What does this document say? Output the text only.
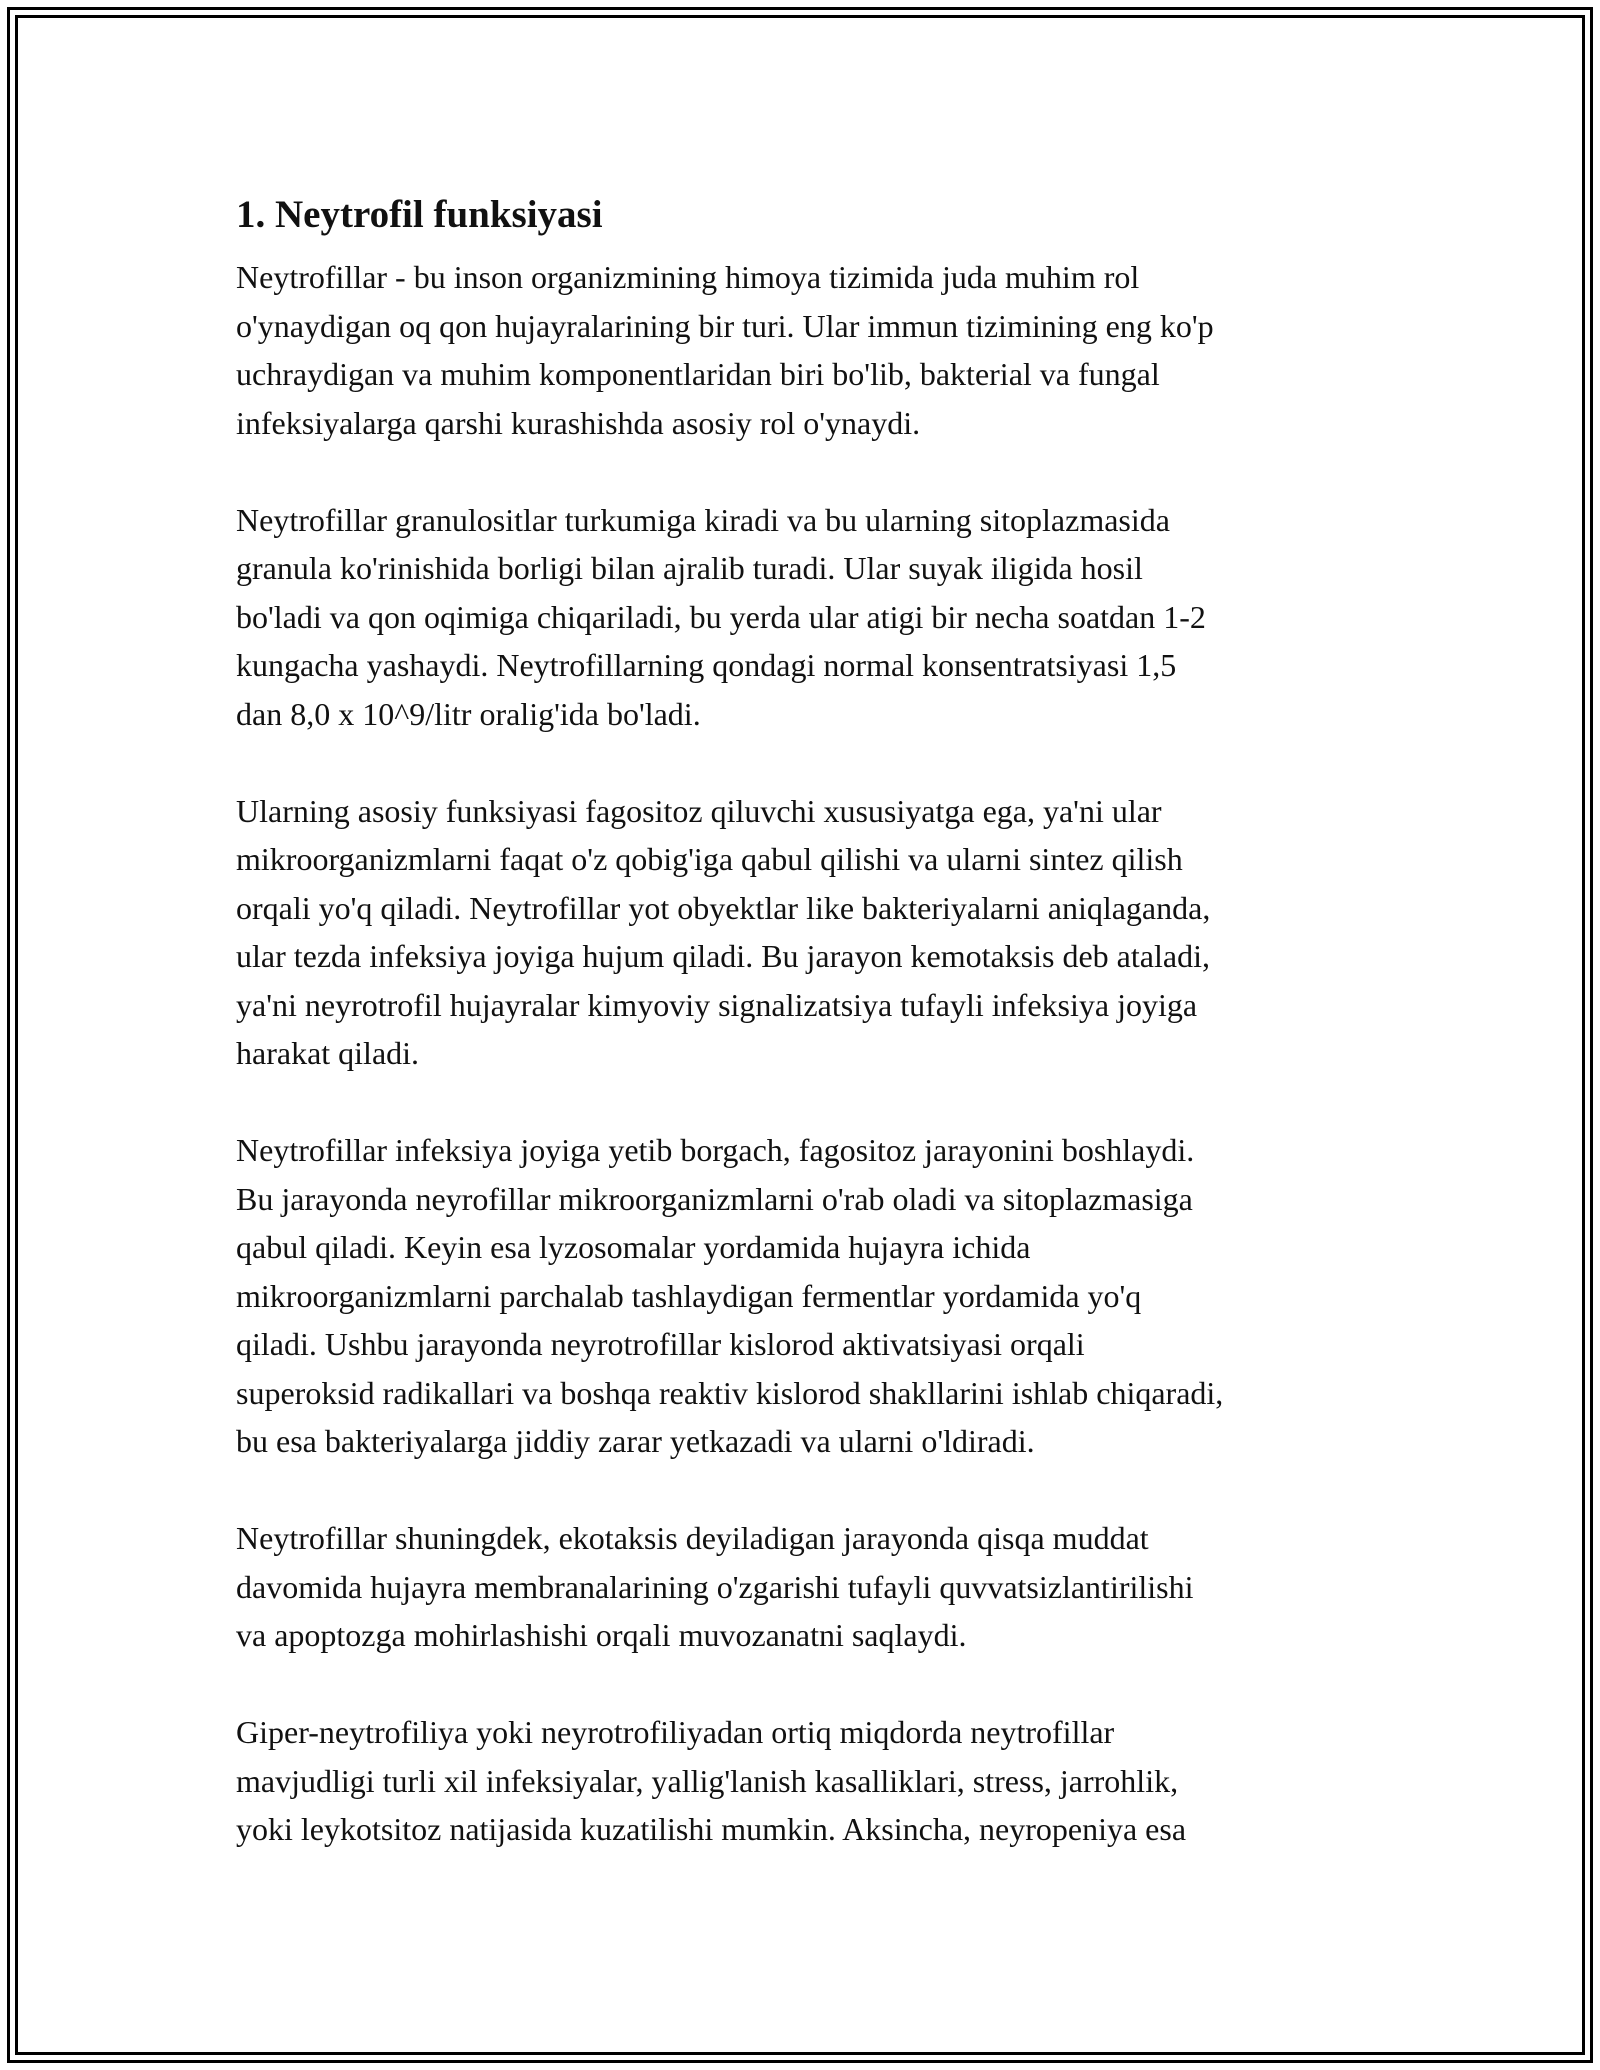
1. Neytrofil funksiyasi

Neytrofillar - bu inson organizmining himoya tizimida juda muhim rol
o'ynaydigan oq qon hujayralarining bir turi. Ular immun tizimining eng ko'p
uchraydigan va muhim komponentlaridan biri bo'lib, bakterial va fungal
infeksiyalarga qarshi kurashishda asosiy rol o'ynaydi.

Neytrofillar granulositlar turkumiga kiradi va bu ularning sitoplazmasida
granula ko'rinishida borligi bilan ajralib turadi. Ular suyak iligida hosil
bo'ladi va qon oqimiga chiqariladi, bu yerda ular atigi bir necha soatdan 1-2
kungacha yashaydi. Neytrofillarning qondagi normal konsentratsiyasi 1,5
dan 8,0 x 10^9/litr oralig'ida bo'ladi.

Ularning asosiy funksiyasi fagositoz qiluvchi xususiyatga ega, ya'ni ular
mikroorganizmlarni faqat o'z qobig'iga qabul qilishi va ularni sintez qilish
orqali yo'q qiladi. Neytrofillar yot obyektlar like bakteriyalarni aniqlaganda,
ular tezda infeksiya joyiga hujum qiladi. Bu jarayon kemotaksis deb ataladi,
ya'ni neyrotrofil hujayralar kimyoviy signalizatsiya tufayli infeksiya joyiga
harakat qiladi.

Neytrofillar infeksiya joyiga yetib borgach, fagositoz jarayonini boshlaydi.
Bu jarayonda neyrofillar mikroorganizmlarni o'rab oladi va sitoplazmasiga
qabul qiladi. Keyin esa lyzosomalar yordamida hujayra ichida
mikroorganizmlarni parchalab tashlaydigan fermentlar yordamida yo'q
qiladi. Ushbu jarayonda neyrotrofillar kislorod aktivatsiyasi orqali
superoksid radikallari va boshqa reaktiv kislorod shakllarini ishlab chiqaradi,
bu esa bakteriyalarga jiddiy zarar yetkazadi va ularni o'ldiradi.

Neytrofillar shuningdek, ekotaksis deyiladigan jarayonda qisqa muddat
davomida hujayra membranalarining o'zgarishi tufayli quvvatsizlantirilishi
va apoptozga mohirlashishi orqali muvozanatni saqlaydi.

Giper-neytrofiliya yoki neyrotrofiliyadan ortiq miqdorda neytrofillar
mavjudligi turli xil infeksiyalar, yallig'lanish kasalliklari, stress, jarrohlik,
yoki leykotsitoz natijasida kuzatilishi mumkin. Aksincha, neyropeniya esa
